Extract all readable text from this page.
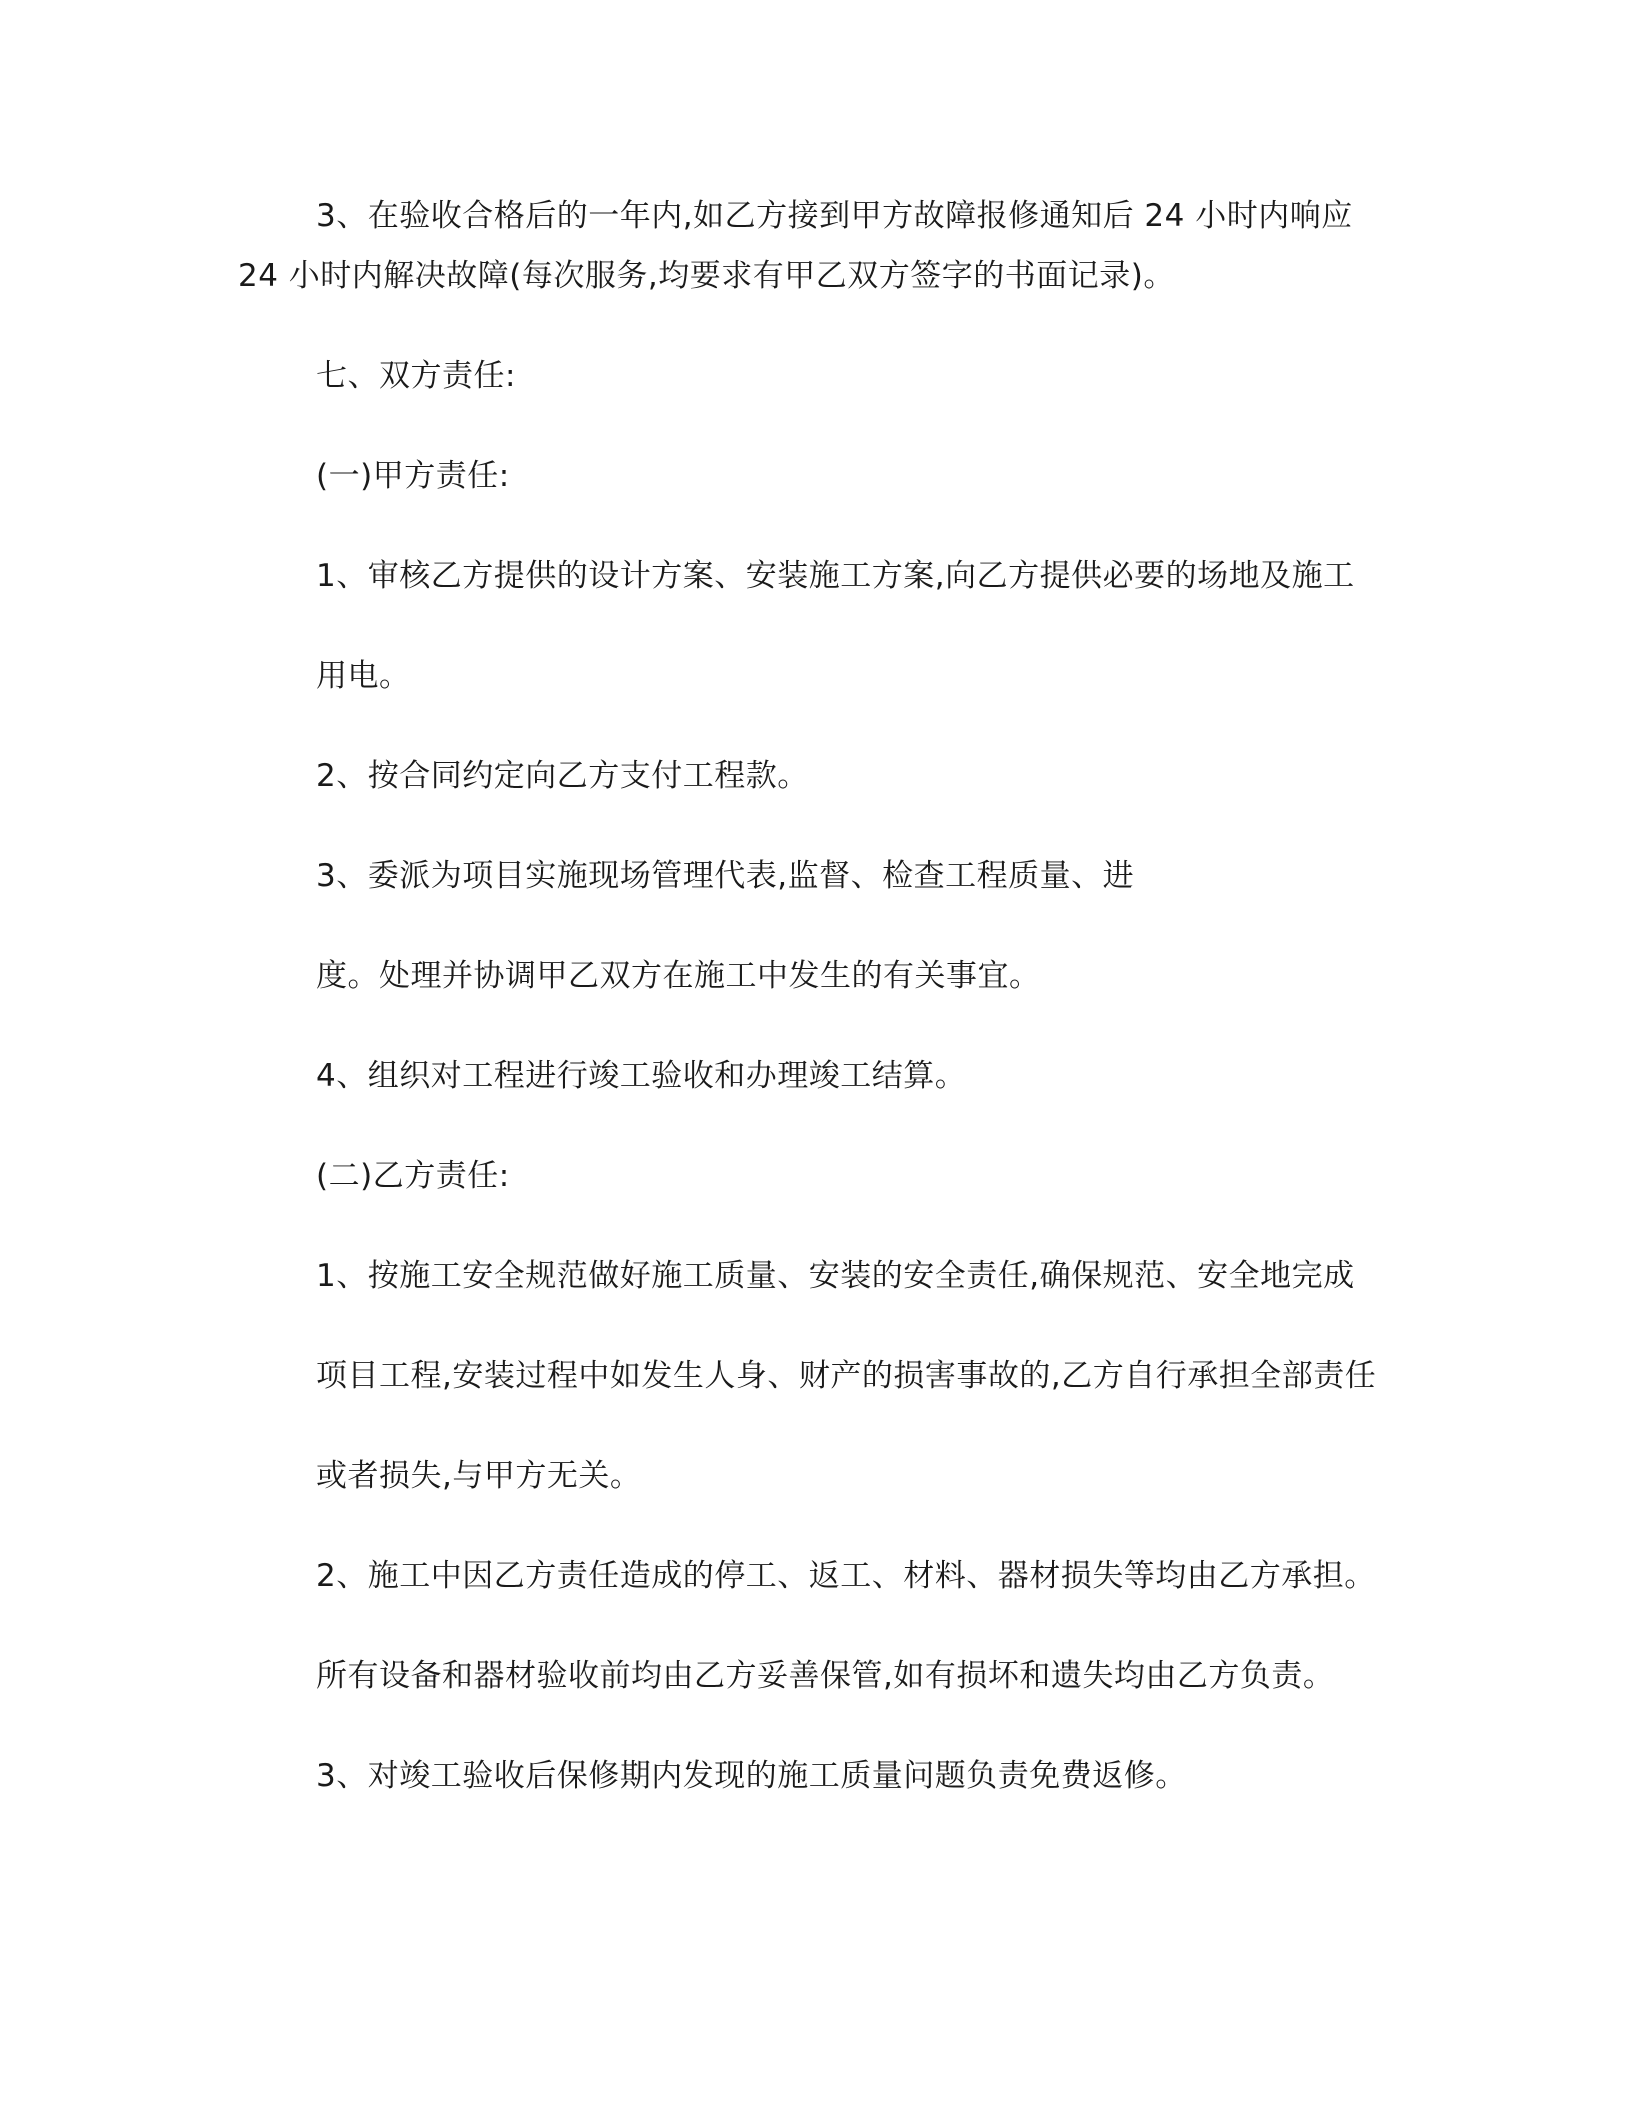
3、在验收合格后的一年内,如乙方接到甲方故障报修通知后 24 小时内响应
24 小时内解决故障(每次服务,均要求有甲乙双方签字的书面记录)。
七、双方责任:
(一)甲方责任:
1、审核乙方提供的设计方案、安装施工方案,向乙方提供必要的场地及施工
用电。
2、按合同约定向乙方支付工程款。
3、委派为项目实施现场管理代表,监督、检查工程质量、进
度。处理并协调甲乙双方在施工中发生的有关事宜。
4、组织对工程进行竣工验收和办理竣工结算。
(二)乙方责任:
1、按施工安全规范做好施工质量、安装的安全责任,确保规范、安全地完成
项目工程,安装过程中如发生人身、财产的损害事故的,乙方自行承担全部责任
或者损失,与甲方无关。
2、施工中因乙方责任造成的停工、返工、材料、器材损失等均由乙方承担。
所有设备和器材验收前均由乙方妥善保管,如有损坏和遗失均由乙方负责。
3、对竣工验收后保修期内发现的施工质量问题负责免费返修。
